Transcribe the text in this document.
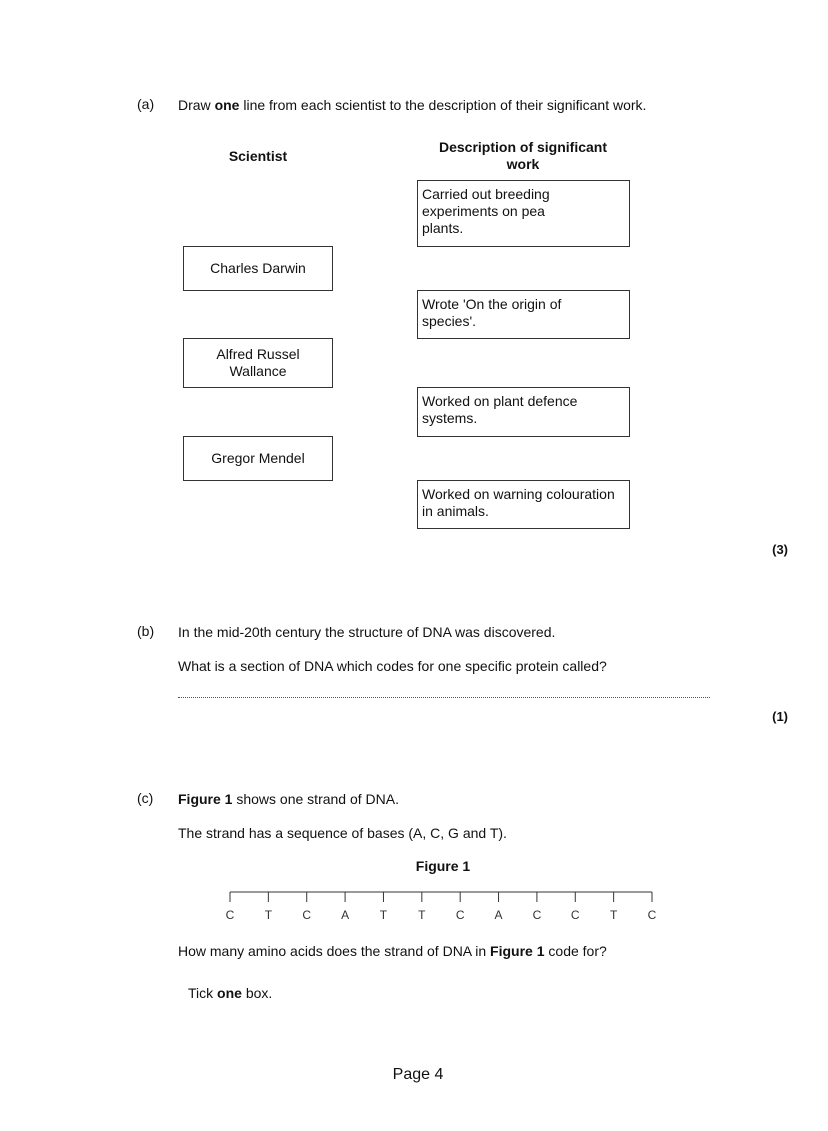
(a) Draw one line from each scientist to the description of their significant work.
Scientist
Description of significant
work
Charles Darwin
Alfred Russel Wallance
Gregor Mendel
Carried out breeding experiments on pea plants.
Wrote 'On the origin of species'.
Worked on plant defence systems.
Worked on warning colouration in animals.
(3)
(b) In the mid-20th century the structure of DNA was discovered.
What is a section of DNA which codes for one specific protein called?
(1)
(c) Figure 1 shows one strand of DNA.
The strand has a sequence of bases (A, C, G and T).
Figure 1
C	T	C	A	T	T	C	A	C C	T	C
How many amino acids does the strand of DNA in Figure 1 code for?
Tick one box.
Page 4
